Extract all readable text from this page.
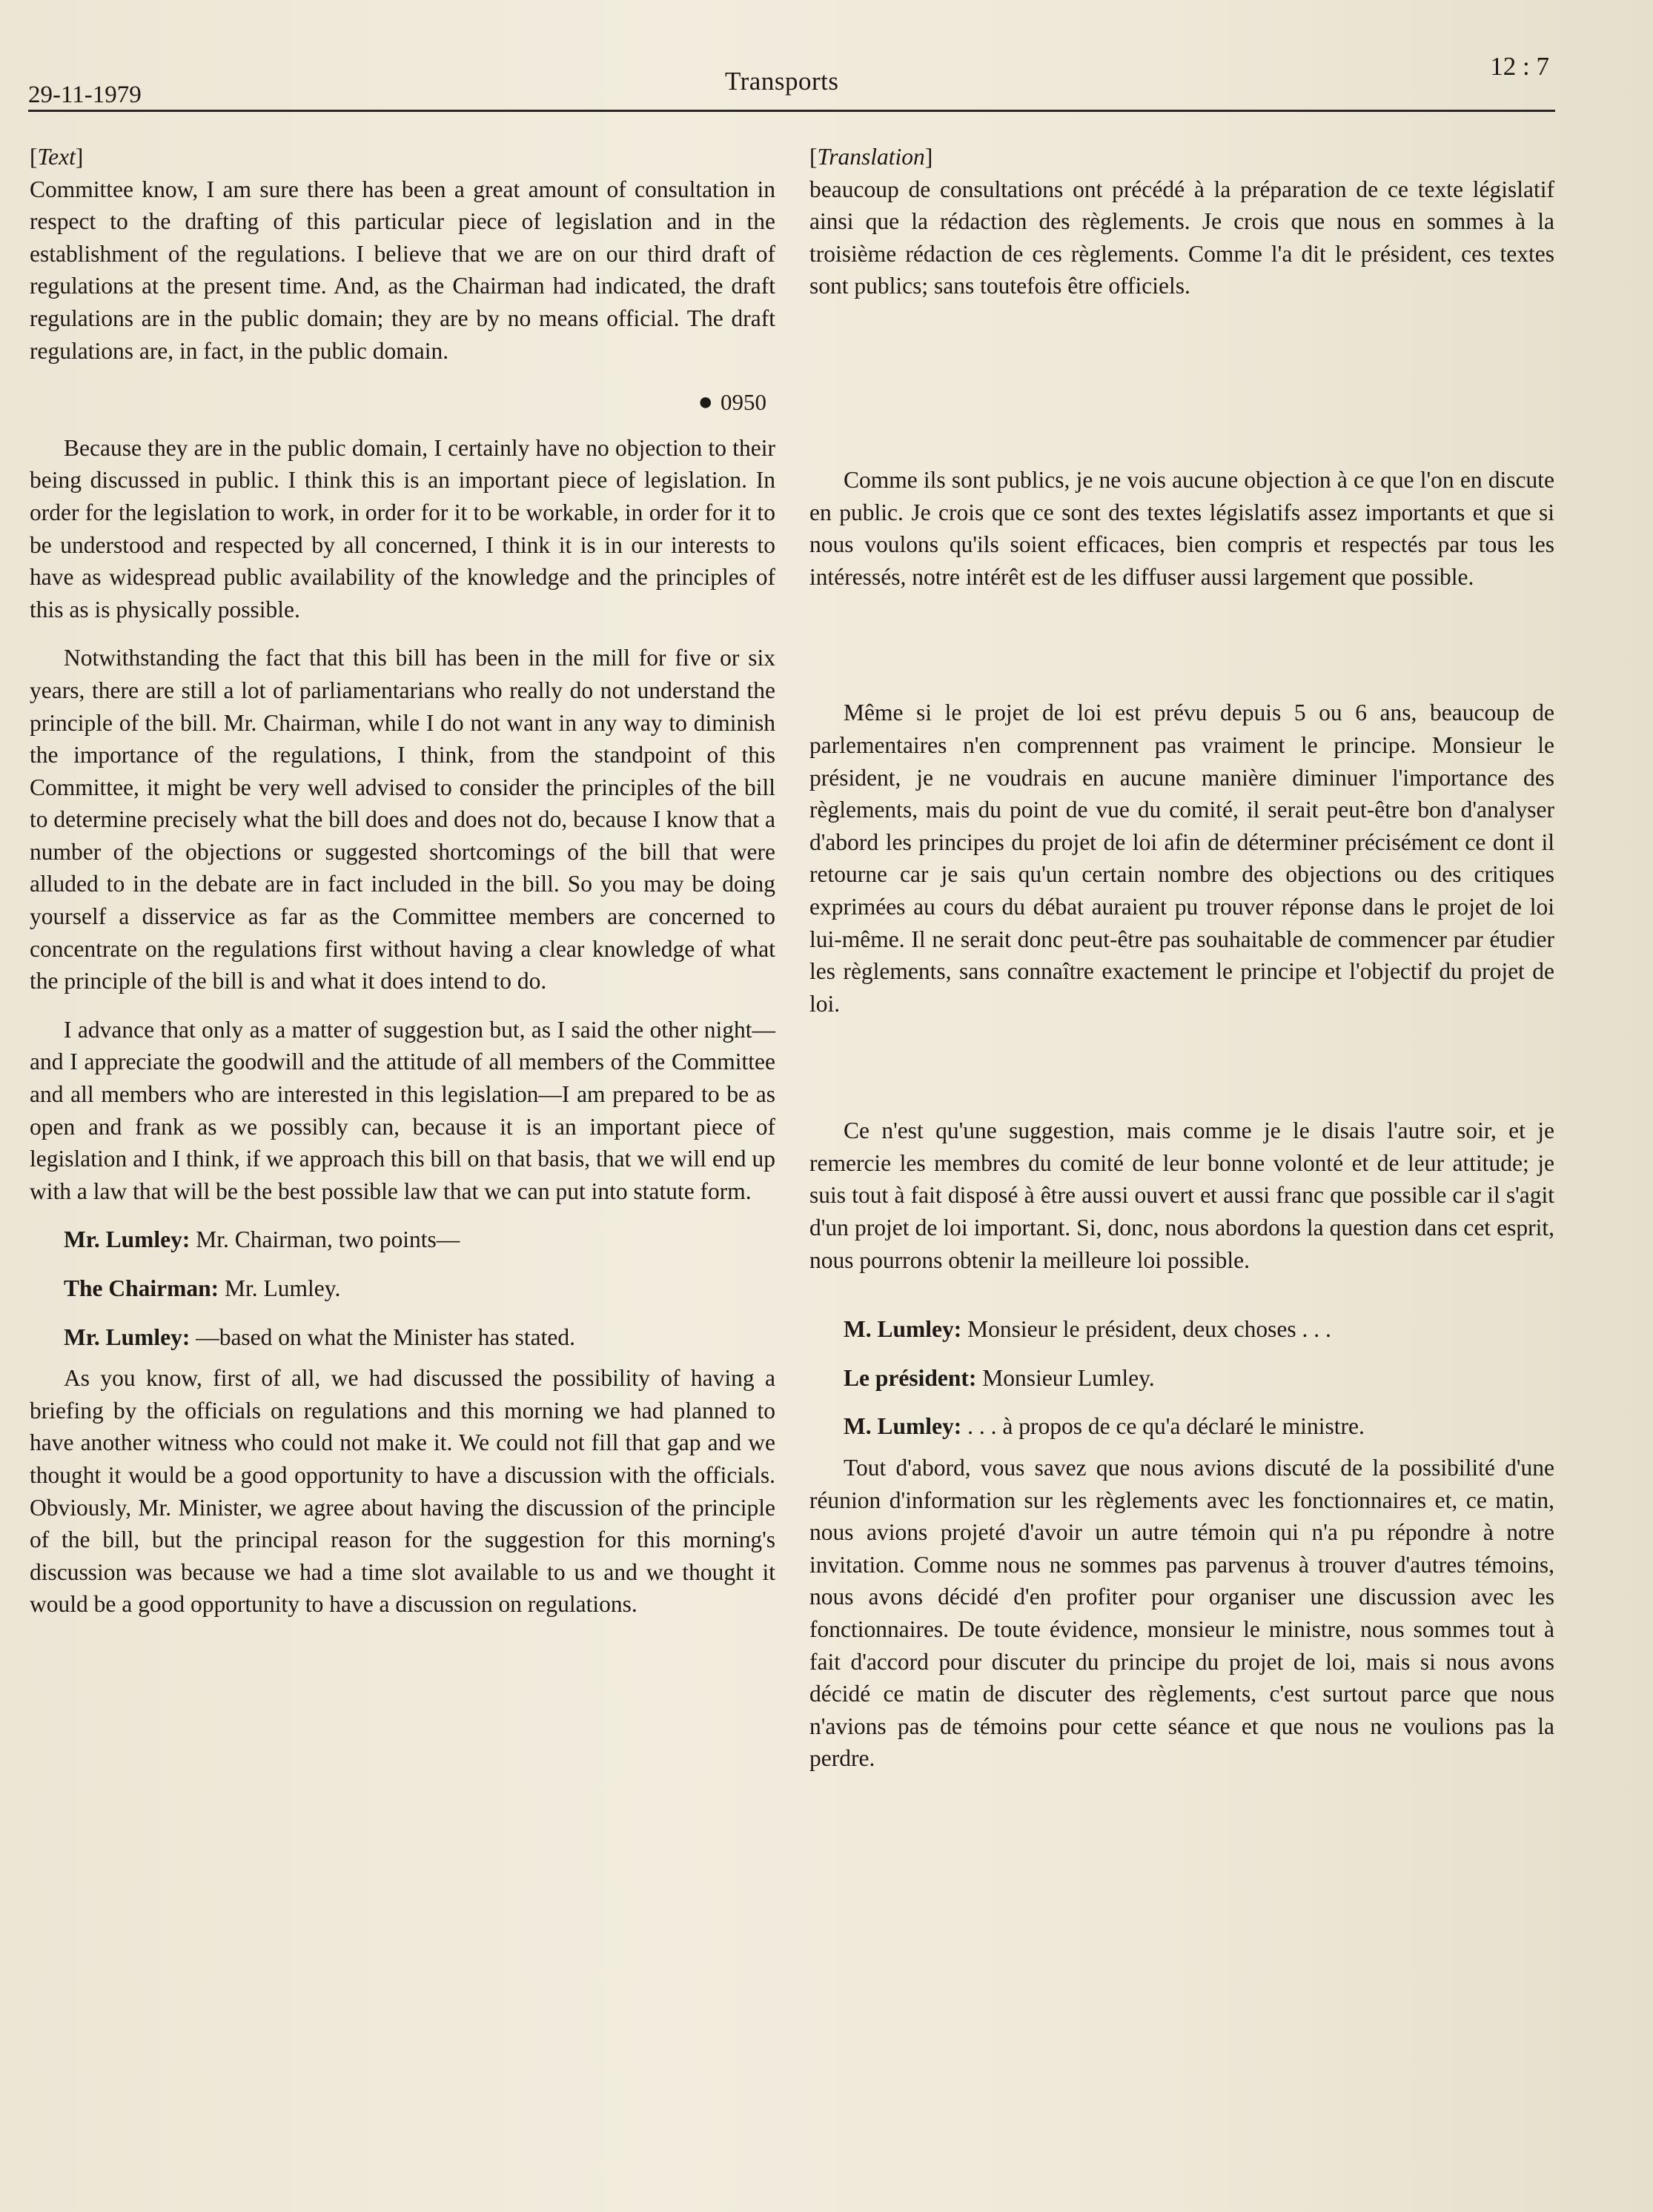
29-11-1979	Transports
12 : 7
[Text]

Committee know, I am sure there has been a great amount of consultation in respect to the drafting of this particular piece of legislation and in the establishment of the regulations. I believe that we are on our third draft of regulations at the present time. And, as the Chairman had indicated, the draft regulations are in the public domain; they are by no means official. The draft regulations are, in fact, in the public domain.

● 0950

Because they are in the public domain, I certainly have no objection to their being discussed in public. I think this is an important piece of legislation. In order for the legislation to work, in order for it to be workable, in order for it to be understood and respected by all concerned, I think it is in our interests to have as widespread public availability of the knowledge and the principles of this as is physically possible.

Notwithstanding the fact that this bill has been in the mill for five or six years, there are still a lot of parliamentarians who really do not understand the principle of the bill. Mr. Chairman, while I do not want in any way to diminish the importance of the regulations, I think, from the standpoint of this Committee, it might be very well advised to consider the principles of the bill to determine precisely what the bill does and does not do, because I know that a number of the objections or suggested shortcomings of the bill that were alluded to in the debate are in fact included in the bill. So you may be doing yourself a disservice as far as the Committee members are concerned to concentrate on the regulations first without having a clear knowledge of what the principle of the bill is and what it does intend to do.

I advance that only as a matter of suggestion but, as I said the other night—and I appreciate the goodwill and the attitude of all members of the Committee and all members who are interested in this legislation—I am prepared to be as open and frank as we possibly can, because it is an important piece of legislation and I think, if we approach this bill on that basis, that we will end up with a law that will be the best possible law that we can put into statute form.

Mr. Lumley: Mr. Chairman, two points—

The Chairman: Mr. Lumley.

Mr. Lumley: —based on what the Minister has stated.

As you know, first of all, we had discussed the possibility of having a briefing by the officials on regulations and this morning we had planned to have another witness who could not make it. We could not fill that gap and we thought it would be a good opportunity to have a discussion with the officials. Obviously, Mr. Minister, we agree about having the discussion of the principle of the bill, but the principal reason for the suggestion for this morning's discussion was because we had a time slot available to us and we thought it would be a good opportunity to have a discussion on regulations.

[Translation]

beaucoup de consultations ont précédé à la préparation de ce texte législatif ainsi que la rédaction des règlements. Je crois que nous en sommes à la troisième rédaction de ces règlements. Comme l'a dit le président, ces textes sont publics; sans toutefois être officiels.

Comme ils sont publics, je ne vois aucune objection à ce que l'on en discute en public. Je crois que ce sont des textes législatifs assez importants et que si nous voulons qu'ils soient efficaces, bien compris et respectés par tous les intéressés, notre intérêt est de les diffuser aussi largement que possible.

Même si le projet de loi est prévu depuis 5 ou 6 ans, beaucoup de parlementaires n'en comprennent pas vraiment le principe. Monsieur le président, je ne voudrais en aucune manière diminuer l'importance des règlements, mais du point de vue du comité, il serait peut-être bon d'analyser d'abord les principes du projet de loi afin de déterminer précisément ce dont il retourne car je sais qu'un certain nombre des objections ou des critiques exprimées au cours du débat auraient pu trouver réponse dans le projet de loi lui-même. Il ne serait donc peut-être pas souhaitable de commencer par étudier les règlements, sans connaître exactement le principe et l'objectif du projet de loi.

Ce n'est qu'une suggestion, mais comme je le disais l'autre soir, et je remercie les membres du comité de leur bonne volonté et de leur attitude; je suis tout à fait disposé à être aussi ouvert et aussi franc que possible car il s'agit d'un projet de loi important. Si, donc, nous abordons la question dans cet esprit, nous pourrons obtenir la meilleure loi possible.

M. Lumley: Monsieur le président, deux choses . . .

Le président: Monsieur Lumley.

M. Lumley: . . . à propos de ce qu'a déclaré le ministre.

Tout d'abord, vous savez que nous avions discuté de la possibilité d'une réunion d'information sur les règlements avec les fonctionnaires et, ce matin, nous avions projeté d'avoir un autre témoin qui n'a pu répondre à notre invitation. Comme nous ne sommes pas parvenus à trouver d'autres témoins, nous avons décidé d'en profiter pour organiser une discussion avec les fonctionnaires. De toute évidence, monsieur le ministre, nous sommes tout à fait d'accord pour discuter du principe du projet de loi, mais si nous avons décidé ce matin de discuter des règlements, c'est surtout parce que nous n'avions pas de témoins pour cette séance et que nous ne voulions pas la perdre.
